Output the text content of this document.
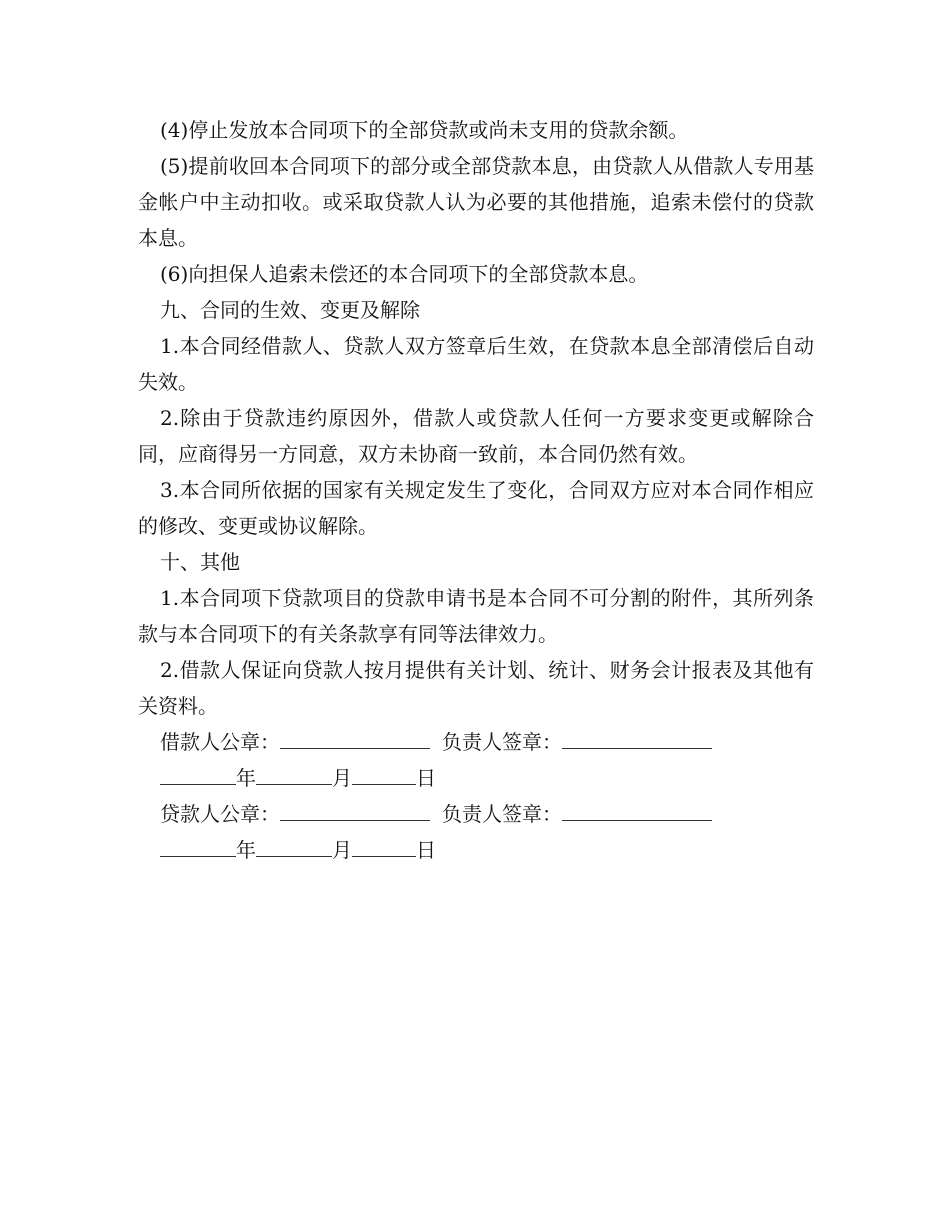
(4)停止发放本合同项下的全部贷款或尚未支用的贷款余额。

(5)提前收回本合同项下的部分或全部贷款本息，由贷款人从借款人专用基金帐户中主动扣收。或采取贷款人认为必要的其他措施，追索未偿付的贷款本息。

(6)向担保人追索未偿还的本合同项下的全部贷款本息。

九、合同的生效、变更及解除

1.本合同经借款人、贷款人双方签章后生效，在贷款本息全部清偿后自动失效。

2.除由于贷款违约原因外，借款人或贷款人任何一方要求变更或解除合同，应商得另一方同意，双方未协商一致前，本合同仍然有效。

3.本合同所依据的国家有关规定发生了变化，合同双方应对本合同作相应的修改、变更或协议解除。

十、其他

1.本合同项下贷款项目的贷款申请书是本合同不可分割的附件，其所列条款与本合同项下的有关条款享有同等法律效力。

2.借款人保证向贷款人按月提供有关计划、统计、财务会计报表及其他有关资料。

借款人公章：	负责人签章：
年	月	日
贷款人公章：	负责人签章：
年	月	日
